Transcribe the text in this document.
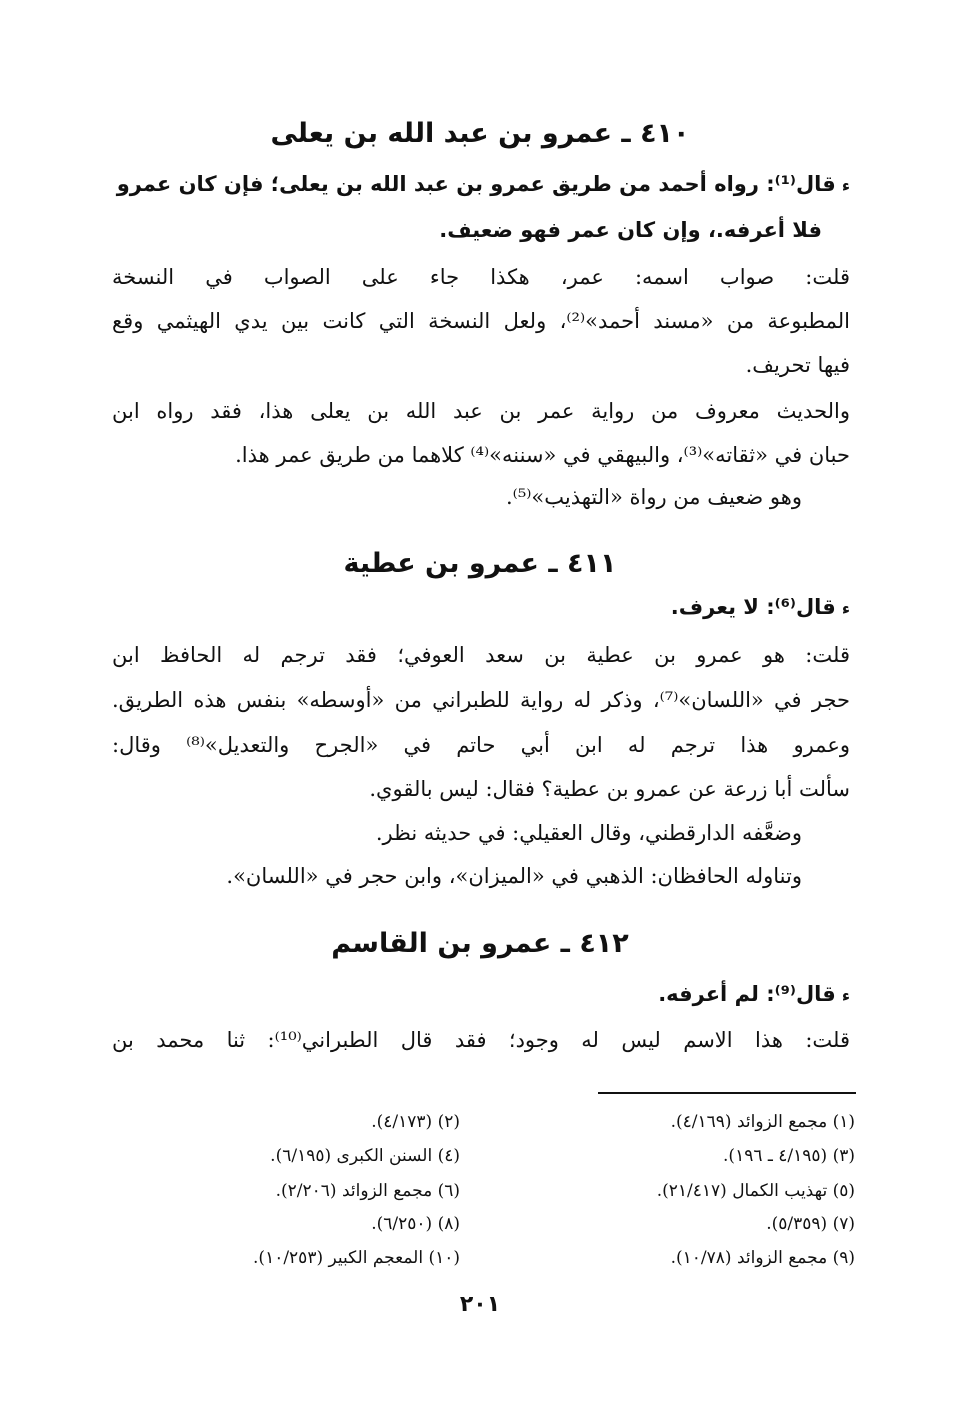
٤١٠ ـ عمرو بن عبد الله بن يعلى
ﺀقال⁽¹⁾: رواه أحمد من طريق عمرو بن عبد الله بن يعلى؛ فإن كان عمرو
فلا أعرفه.، وإن كان عمر فهو ضعيف.
قلت: صواب اسمه: عمر، هكذا جاء على الصواب في النسخة
المطبوعة من «مسند أحمد»⁽²⁾، ولعل النسخة التي كانت بين يدي الهيثمي وقع
فيها تحريف.
والحديث معروف من رواية عمر بن عبد الله بن يعلى هذا، فقد رواه ابن
حبان في «ثقاته»⁽³⁾، والبيهقي في «سننه»⁽⁴⁾ كلاهما من طريق عمر هذا.
وهو ضعيف من رواة «التهذيب»⁽⁵⁾.
٤١١ ـ عمرو بن عطية
ﺀقال⁽⁶⁾: لا يعرف.
قلت: هو عمرو بن عطية بن سعد العوفي؛ فقد ترجم له الحافظ ابن
حجر في «اللسان»⁽⁷⁾، وذكر له رواية للطبراني من «أوسطه» بنفس هذه الطريق.
وعمرو هذا ترجم له ابن أبي حاتم في «الجرح والتعديل»⁽⁸⁾ وقال:
سألت أبا زرعة عن عمرو بن عطية؟ فقال: ليس بالقوي.
وضعَّفه الدارقطني، وقال العقيلي: في حديثه نظر.
وتناوله الحافظان: الذهبي في «الميزان»، وابن حجر في «اللسان».
٤١٢ ـ عمرو بن القاسم
ﺀقال⁽⁹⁾: لم أعرفه.
قلت: هذا الاسم ليس له وجود؛ فقد قال الطبراني⁽¹⁰⁾: ثنا محمد بن
(١) مجمع الزوائد (٤/١٦٩).
(٢) (٤/١٧٣).
(٣) (٤/١٩٥ ـ ١٩٦).
(٤) السنن الكبرى (٦/١٩٥).
(٥) تهذيب الكمال (٢١/٤١٧).
(٦) مجمع الزوائد (٢/٢٠٦).
(٧) (٥/٣٥٩).
(٨) (٦/٢٥٠).
(٩) مجمع الزوائد (١٠/٧٨).
(١٠) المعجم الكبير (١٠/٢٥٣).
٢٠١
